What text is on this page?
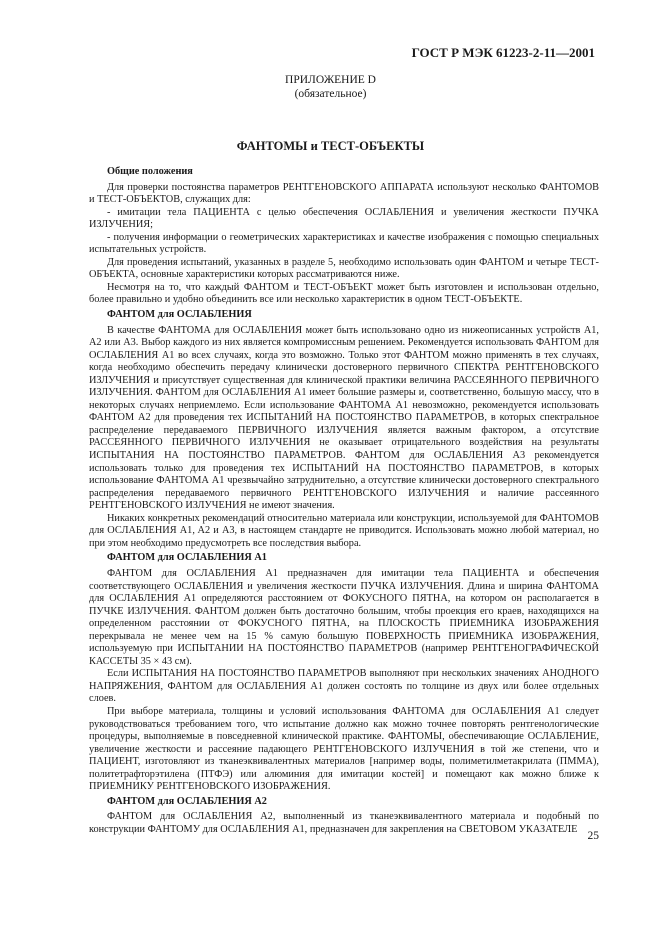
ГОСТ Р МЭК 61223-2-11—2001
ПРИЛОЖЕНИЕ D
(обязательное)
ФАНТОМЫ и ТЕСТ-ОБЪЕКТЫ
Общие положения

Для проверки постоянства параметров РЕНТГЕНОВСКОГО АППАРАТА используют несколько ФАНТОМОВ и ТЕСТ-ОБЪЕКТОВ, служащих для:

- имитации тела ПАЦИЕНТА с целью обеспечения ОСЛАБЛЕНИЯ и увеличения жесткости ПУЧКА ИЗЛУЧЕНИЯ;

- получения информации о геометрических характеристиках и качестве изображения с помощью специальных испытательных устройств.

Для проведения испытаний, указанных в разделе 5, необходимо использовать один ФАНТОМ и четыре ТЕСТ-ОБЪЕКТА, основные характеристики которых рассматриваются ниже.

Несмотря на то, что каждый ФАНТОМ и ТЕСТ-ОБЪЕКТ может быть изготовлен и использован отдельно, более правильно и удобно объединить все или несколько характеристик в одном ТЕСТ-ОБЪЕКТЕ.

ФАНТОМ для ОСЛАБЛЕНИЯ

В качестве ФАНТОМА для ОСЛАБЛЕНИЯ может быть использовано одно из нижеописанных устройств A1, A2 или A3. Выбор каждого из них является компромиссным решением. Рекомендуется использовать ФАНТОМ для ОСЛАБЛЕНИЯ A1 во всех случаях, когда это возможно. Только этот ФАНТОМ можно применять в тех случаях, когда необходимо обеспечить передачу клинически достоверного первичного СПЕКТРА РЕНТГЕНОВСКОГО ИЗЛУЧЕНИЯ и присутствует существенная для клинической практики величина РАССЕЯННОГО ПЕРВИЧНОГО ИЗЛУЧЕНИЯ. ФАНТОМ для ОСЛАБЛЕНИЯ A1 имеет большие размеры и, соответственно, большую массу, что в некоторых случаях неприемлемо. Если использование ФАНТОМА A1 невозможно, рекомендуется использовать ФАНТОМ A2 для проведения тех ИСПЫТАНИЙ НА ПОСТОЯНСТВО ПАРАМЕТРОВ, в которых спектральное распределение передаваемого ПЕРВИЧНОГО ИЗЛУЧЕНИЯ является важным фактором, а отсутствие РАССЕЯННОГО ПЕРВИЧНОГО ИЗЛУЧЕНИЯ не оказывает отрицательного воздействия на результаты ИСПЫТАНИЯ НА ПОСТОЯНСТВО ПАРАМЕТРОВ. ФАНТОМ для ОСЛАБЛЕНИЯ A3 рекомендуется использовать только для проведения тех ИСПЫТАНИЙ НА ПОСТОЯНСТВО ПАРАМЕТРОВ, в которых использование ФАНТОМА A1 чрезвычайно затруднительно, а отсутствие клинически достоверного спектрального распределения передаваемого первичного РЕНТГЕНОВСКОГО ИЗЛУЧЕНИЯ и наличие рассеянного РЕНТГЕНОВСКОГО ИЗЛУЧЕНИЯ не имеют значения.

Никаких конкретных рекомендаций относительно материала или конструкции, используемой для ФАНТОМОВ для ОСЛАБЛЕНИЯ A1, A2 и A3, в настоящем стандарте не приводится. Использовать можно любой материал, но при этом необходимо предусмотреть все последствия выбора.

ФАНТОМ для ОСЛАБЛЕНИЯ A1

ФАНТОМ для ОСЛАБЛЕНИЯ A1 предназначен для имитации тела ПАЦИЕНТА и обеспечения соответствующего ОСЛАБЛЕНИЯ и увеличения жесткости ПУЧКА ИЗЛУЧЕНИЯ. Длина и ширина ФАНТОМА для ОСЛАБЛЕНИЯ A1 определяются расстоянием от ФОКУСНОГО ПЯТНА, на котором он располагается в ПУЧКЕ ИЗЛУЧЕНИЯ. ФАНТОМ должен быть достаточно большим, чтобы проекция его краев, находящихся на определенном расстоянии от ФОКУСНОГО ПЯТНА, на ПЛОСКОСТЬ ПРИЕМНИКА ИЗОБРАЖЕНИЯ перекрывала не менее чем на 15 % самую большую ПОВЕРХНОСТЬ ПРИЕМНИКА ИЗОБРАЖЕНИЯ, используемую при ИСПЫТАНИИ НА ПОСТОЯНСТВО ПАРАМЕТРОВ (например РЕНТГЕНОГРАФИЧЕСКОЙ КАССЕТЫ 35 × 43 см).

Если ИСПЫТАНИЯ НА ПОСТОЯНСТВО ПАРАМЕТРОВ выполняют при нескольких значениях АНОДНОГО НАПРЯЖЕНИЯ, ФАНТОМ для ОСЛАБЛЕНИЯ A1 должен состоять по толщине из двух или более отдельных слоев.

При выборе материала, толщины и условий использования ФАНТОМА для ОСЛАБЛЕНИЯ A1 следует руководствоваться требованием того, что испытание должно как можно точнее повторять рентгенологические процедуры, выполняемые в повседневной клинической практике. ФАНТОМЫ, обеспечивающие ОСЛАБЛЕНИЕ, увеличение жесткости и рассеяние падающего РЕНТГЕНОВСКОГО ИЗЛУЧЕНИЯ в той же степени, что и ПАЦИЕНТ, изготовляют из тканеэквивалентных материалов [например воды, полиметилметакрилата (ПММА), политетрафторэтилена (ПТФЭ) или алюминия для имитации костей] и помещают как можно ближе к ПРИЕМНИКУ РЕНТГЕНОВСКОГО ИЗОБРАЖЕНИЯ.

ФАНТОМ для ОСЛАБЛЕНИЯ A2

ФАНТОМ для ОСЛАБЛЕНИЯ A2, выполненный из тканеэквивалентного материала и подобный по конструкции ФАНТОМУ для ОСЛАБЛЕНИЯ A1, предназначен для закрепления на СВЕТОВОМ УКАЗАТЕЛЕ

25
